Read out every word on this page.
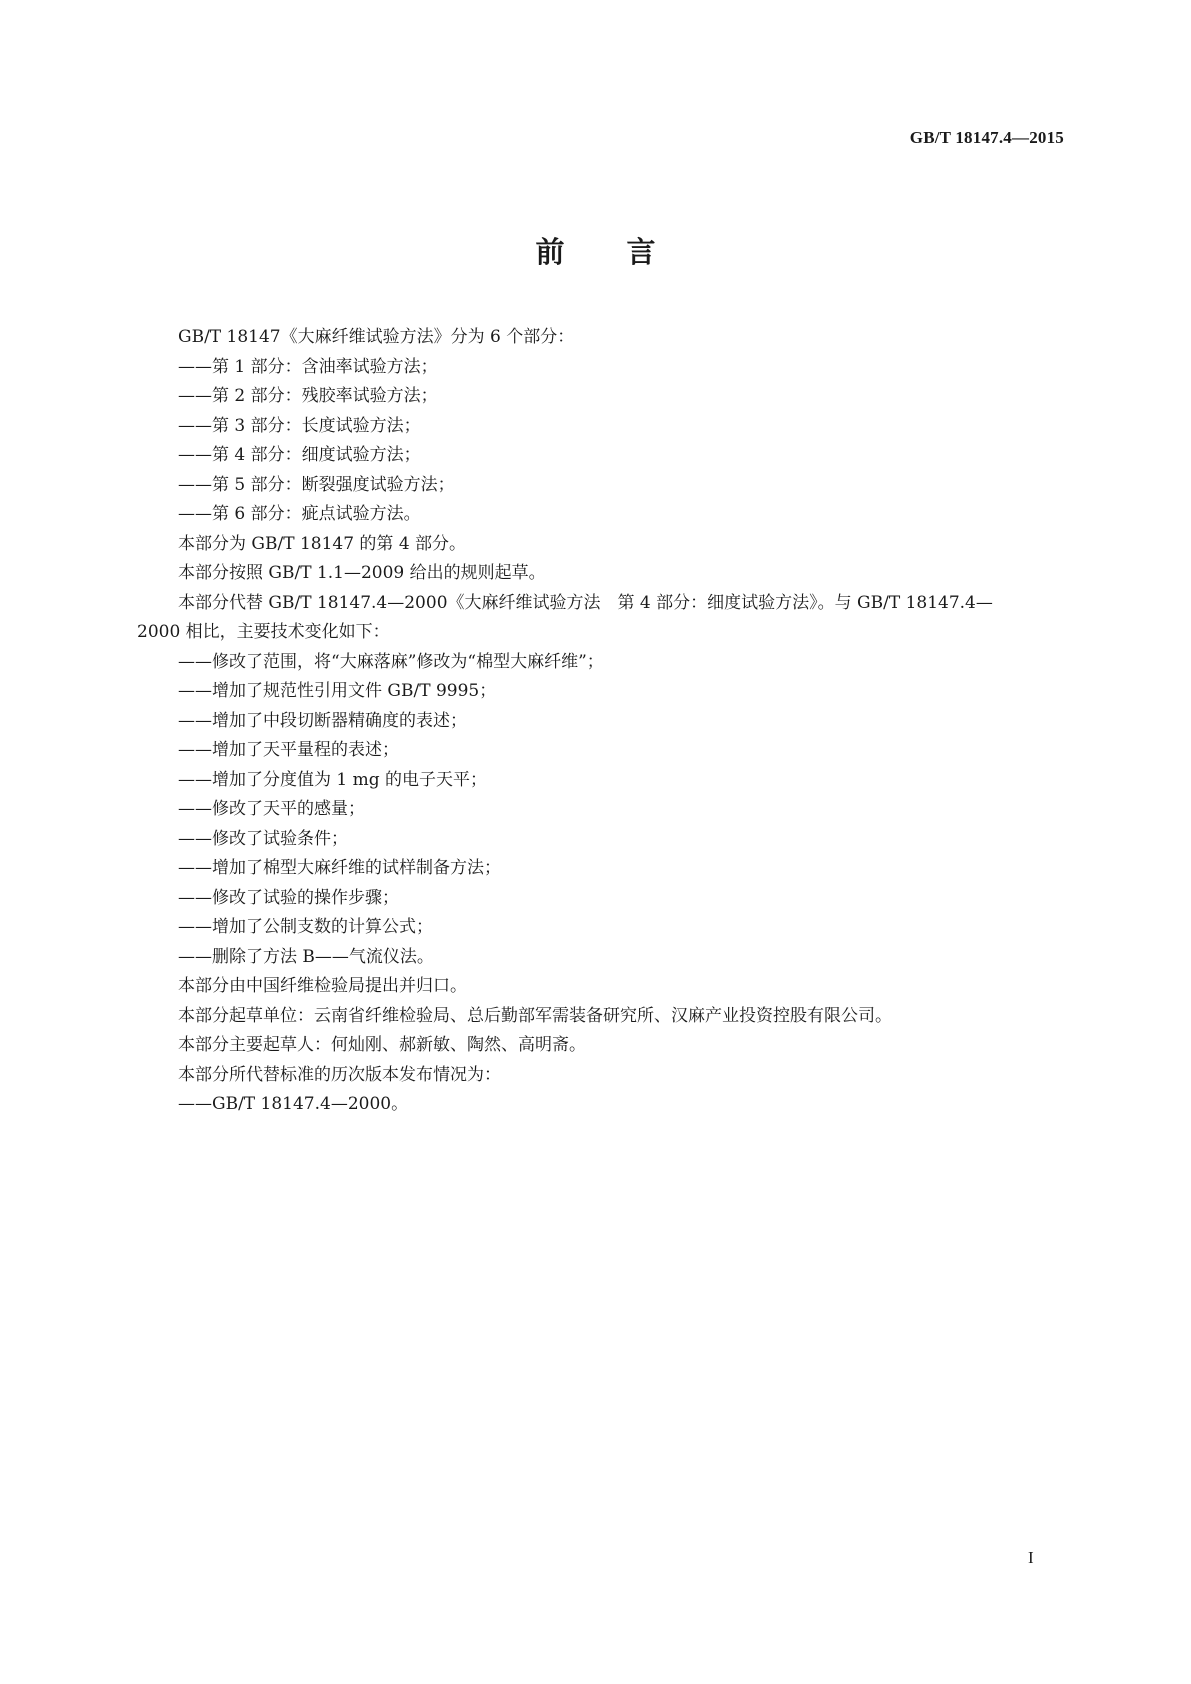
GB/T 18147.4—2015
前言
GB/T 18147《大麻纤维试验方法》分为 6 个部分：
——第 1 部分：含油率试验方法；
——第 2 部分：残胶率试验方法；
——第 3 部分：长度试验方法；
——第 4 部分：细度试验方法；
——第 5 部分：断裂强度试验方法；
——第 6 部分：疵点试验方法。
本部分为 GB/T 18147 的第 4 部分。
本部分按照 GB/T 1.1—2009 给出的规则起草。
本部分代替 GB/T 18147.4—2000《大麻纤维试验方法　第 4 部分：细度试验方法》。与 GB/T 18147.4—
2000 相比，主要技术变化如下：
——修改了范围，将“大麻落麻”修改为“棉型大麻纤维”；
——增加了规范性引用文件 GB/T 9995；
——增加了中段切断器精确度的表述；
——增加了天平量程的表述；
——增加了分度值为 1 mg 的电子天平；
——修改了天平的感量；
——修改了试验条件；
——增加了棉型大麻纤维的试样制备方法；
——修改了试验的操作步骤；
——增加了公制支数的计算公式；
——删除了方法 B——气流仪法。
本部分由中国纤维检验局提出并归口。
本部分起草单位：云南省纤维检验局、总后勤部军需装备研究所、汉麻产业投资控股有限公司。
本部分主要起草人：何灿刚、郝新敏、陶然、高明斋。
本部分所代替标准的历次版本发布情况为：
——GB/T 18147.4—2000。
I
